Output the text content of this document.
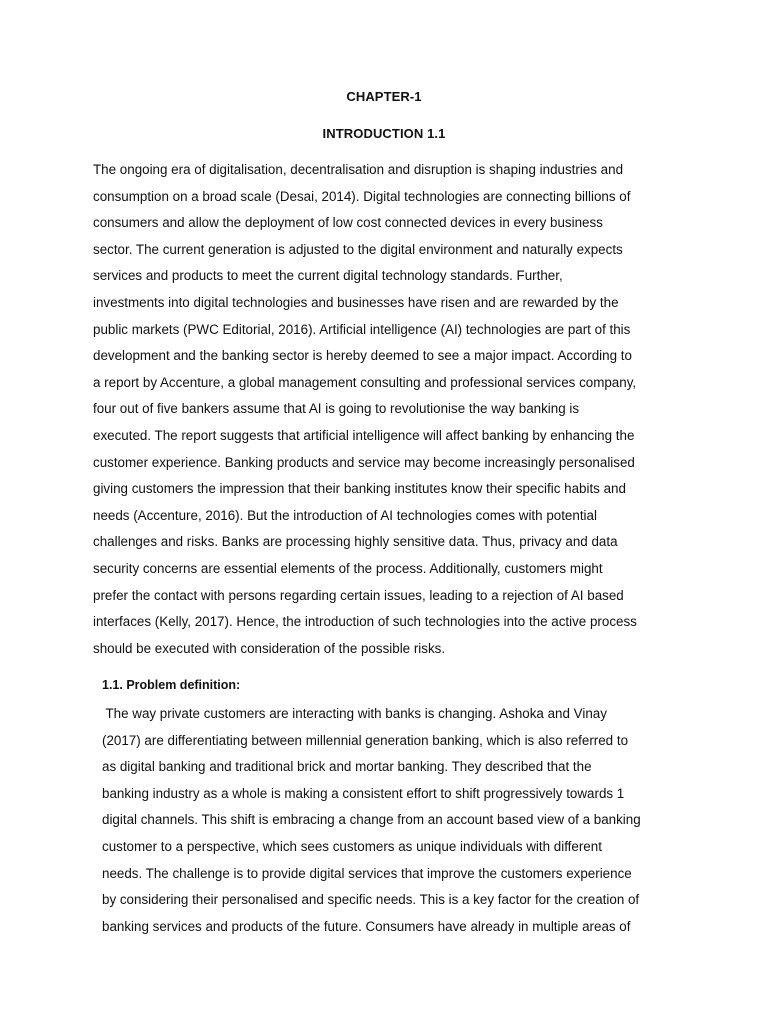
CHAPTER-1
INTRODUCTION 1.1

The ongoing era of digitalisation, decentralisation and disruption is shaping industries and
consumption on a broad scale (Desai, 2014). Digital technologies are connecting billions of
consumers and allow the deployment of low cost connected devices in every business
sector. The current generation is adjusted to the digital environment and naturally expects
services and products to meet the current digital technology standards. Further,
investments into digital technologies and businesses have risen and are rewarded by the
public markets (PWC Editorial, 2016). Artificial intelligence (AI) technologies are part of this
development and the banking sector is hereby deemed to see a major impact. According to
a report by Accenture, a global management consulting and professional services company,
four out of five bankers assume that AI is going to revolutionise the way banking is
executed. The report suggests that artificial intelligence will affect banking by enhancing the
customer experience. Banking products and service may become increasingly personalised
giving customers the impression that their banking institutes know their specific habits and
needs (Accenture, 2016). But the introduction of AI technologies comes with potential
challenges and risks. Banks are processing highly sensitive data. Thus, privacy and data
security concerns are essential elements of the process. Additionally, customers might
prefer the contact with persons regarding certain issues, leading to a rejection of AI based
interfaces (Kelly, 2017). Hence, the introduction of such technologies into the active process
should be executed with consideration of the possible risks.

1.1. Problem definition:

The way private customers are interacting with banks is changing. Ashoka and Vinay
(2017) are differentiating between millennial generation banking, which is also referred to
as digital banking and traditional brick and mortar banking. They described that the
banking industry as a whole is making a consistent effort to shift progressively towards 1
digital channels. This shift is embracing a change from an account based view of a banking
customer to a perspective, which sees customers as unique individuals with different
needs. The challenge is to provide digital services that improve the customers experience
by considering their personalised and specific needs. This is a key factor for the creation of
banking services and products of the future. Consumers have already in multiple areas of
